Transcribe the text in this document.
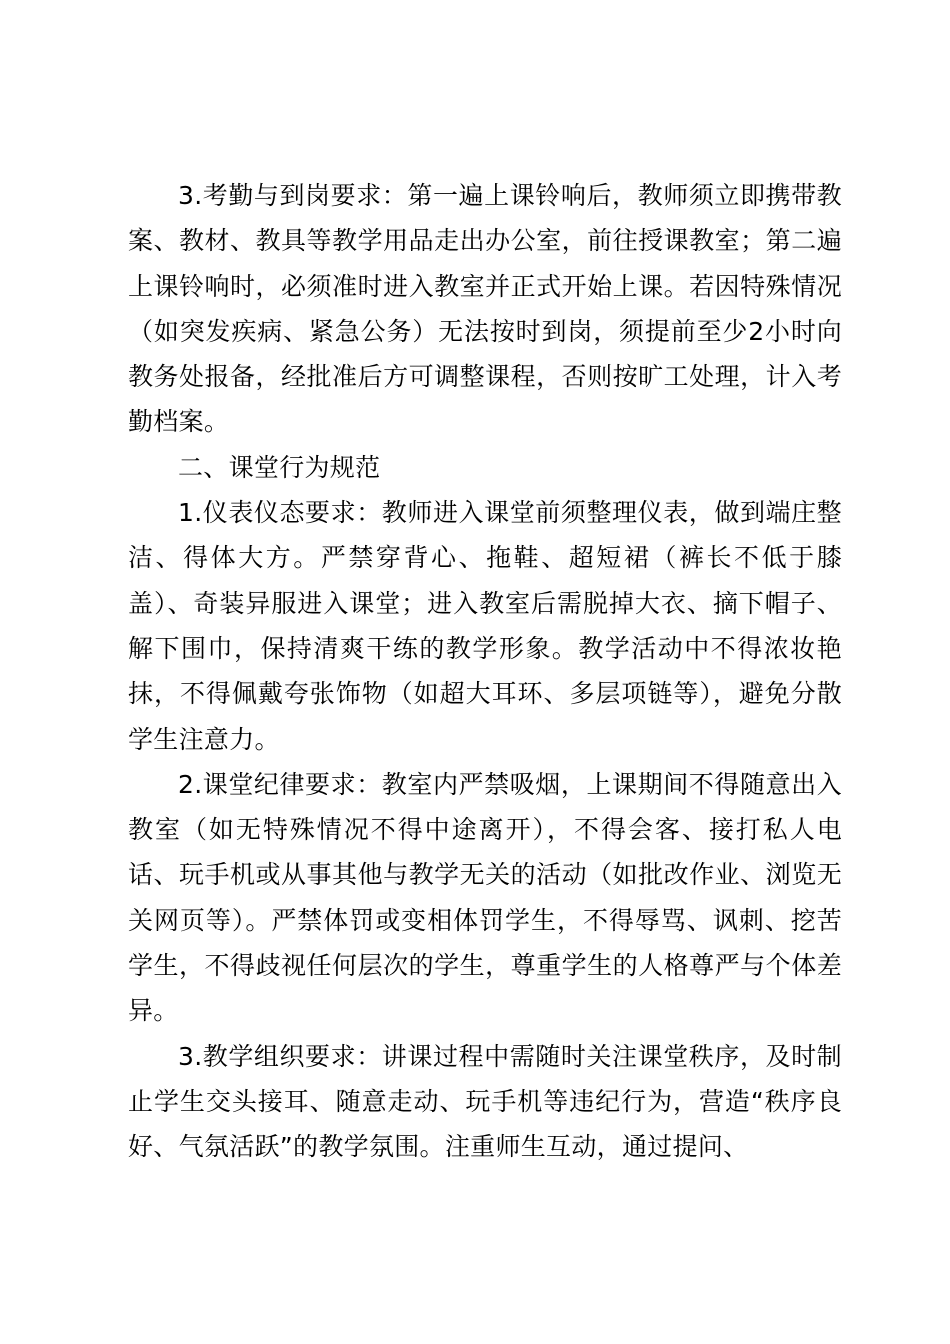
3.考勤与到岗要求：第一遍上课铃响后，教师须立即携带教案、教材、教具等教学用品走出办公室，前往授课教室；第二遍上课铃响时，必须准时进入教室并正式开始上课。若因特殊情况（如突发疾病、紧急公务）无法按时到岗，须提前至少2小时向教务处报备，经批准后方可调整课程，否则按旷工处理，计入考勤档案。

二、课堂行为规范

1.仪表仪态要求：教师进入课堂前须整理仪表，做到端庄整洁、得体大方。严禁穿背心、拖鞋、超短裙（裤长不低于膝盖）、奇装异服进入课堂；进入教室后需脱掉大衣、摘下帽子、解下围巾，保持清爽干练的教学形象。教学活动中不得浓妆艳抹，不得佩戴夸张饰物（如超大耳环、多层项链等），避免分散学生注意力。

2.课堂纪律要求：教室内严禁吸烟，上课期间不得随意出入教室（如无特殊情况不得中途离开），不得会客、接打私人电话、玩手机或从事其他与教学无关的活动（如批改作业、浏览无关网页等）。严禁体罚或变相体罚学生，不得辱骂、讽刺、挖苦学生，不得歧视任何层次的学生，尊重学生的人格尊严与个体差异。

3.教学组织要求：讲课过程中需随时关注课堂秩序，及时制止学生交头接耳、随意走动、玩手机等违纪行为，营造“秩序良好、气氛活跃”的教学氛围。注重师生互动，通过提问、
